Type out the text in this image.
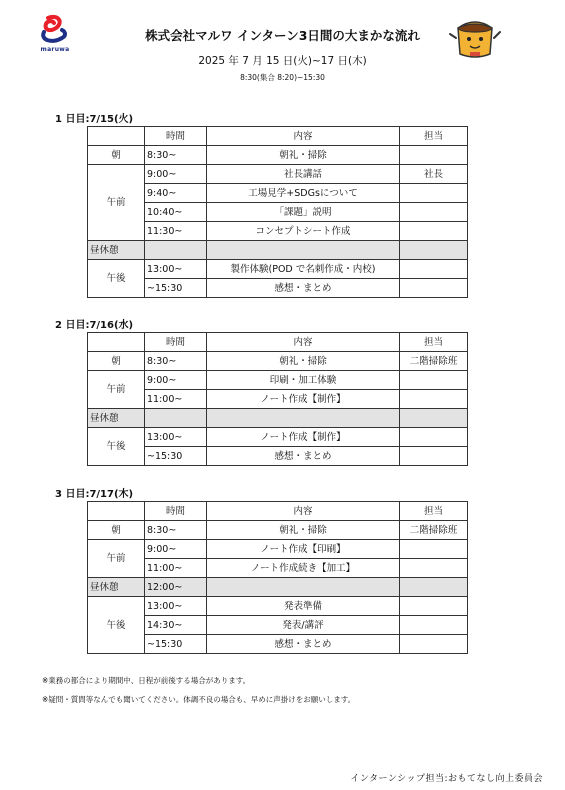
maruwa
株式会社マルワ インターン3日間の大まかな流れ
2025 年 7 月 15 日(火)~17 日(木)
8:30(集合 8:20)~15:30
1 日目:7/15(火)
	時間	内容	担当
朝	8:30~	朝礼・掃除	
午前	9:00~	社長講話	社長
	9:40~	工場見学+SDGsについて	
	10:40~	「課題」説明	
	11:30~	コンセプトシート作成	
昼休憩			
午後	13:00~	製作体験(POD で名刺作成・内校)	
	~15:30	感想・まとめ	
2 日目:7/16(水)
	時間	内容	担当
朝	8:30~	朝礼・掃除	二階掃除班
午前	9:00~	印刷・加工体験	
	11:00~	ノート作成【制作】	
昼休憩			
午後	13:00~	ノート作成【制作】	
	~15:30	感想・まとめ	
3 日目:7/17(木)
	時間	内容	担当
朝	8:30~	朝礼・掃除	二階掃除班
午前	9:00~	ノート作成【印刷】	
	11:00~	ノート作成続き【加工】	
昼休憩	12:00~		
午後	13:00~	発表準備	
	14:30~	発表/講評	
	~15:30	感想・まとめ	
※業務の都合により期間中、日程が前後する場合があります。
※疑問・質問等なんでも聞いてください。体調不良の場合も、早めに声掛けをお願いします。
インターンシップ担当:おもてなし向上委員会
